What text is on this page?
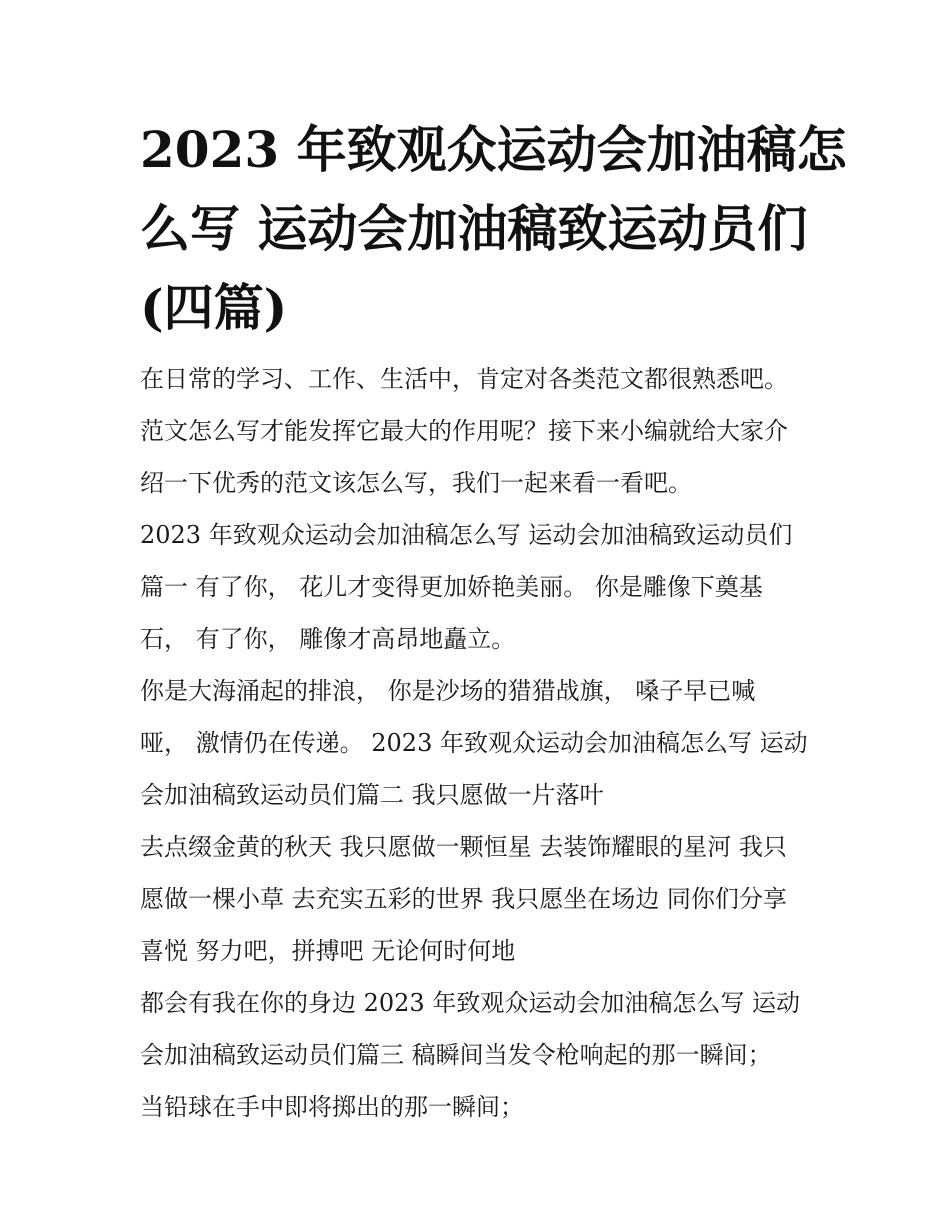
2023 年致观众运动会加油稿怎
么写 运动会加油稿致运动员们
(四篇)

在日常的学习、工作、生活中，肯定对各类范文都很熟悉吧。
范文怎么写才能发挥它最大的作用呢？接下来小编就给大家介
绍一下优秀的范文该怎么写，我们一起来看一看吧。

2023 年致观众运动会加油稿怎么写 运动会加油稿致运动员们
篇一 有了你， 花儿才变得更加娇艳美丽。 你是雕像下奠基
石， 有了你， 雕像才高昂地矗立。

你是大海涌起的排浪， 你是沙场的猎猎战旗， 嗓子早已喊
哑， 激情仍在传递。 2023 年致观众运动会加油稿怎么写 运动
会加油稿致运动员们篇二 我只愿做一片落叶

去点缀金黄的秋天 我只愿做一颗恒星 去装饰耀眼的星河 我只
愿做一棵小草 去充实五彩的世界 我只愿坐在场边 同你们分享
喜悦 努力吧，拼搏吧 无论何时何地

都会有我在你的身边 2023 年致观众运动会加油稿怎么写 运动
会加油稿致运动员们篇三 稿瞬间当发令枪响起的那一瞬间；
当铅球在手中即将掷出的那一瞬间；
